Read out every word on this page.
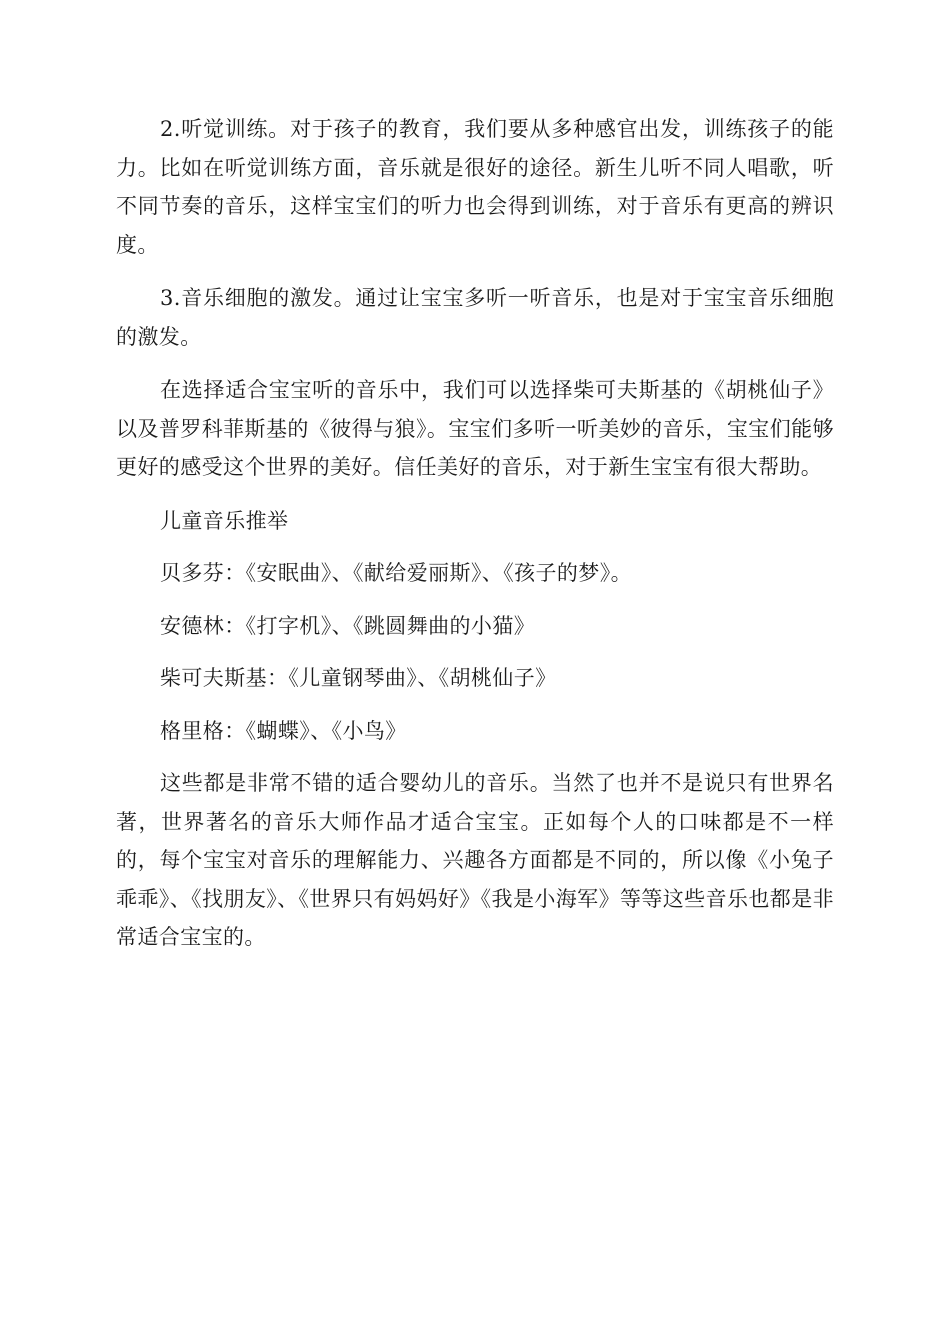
2.听觉训练。对于孩子的教育，我们要从多种感官出发，训练孩子的能力。比如在听觉训练方面，音乐就是很好的途径。新生儿听不同人唱歌，听不同节奏的音乐，这样宝宝们的听力也会得到训练，对于音乐有更高的辨识度。

3.音乐细胞的激发。通过让宝宝多听一听音乐，也是对于宝宝音乐细胞的激发。

在选择适合宝宝听的音乐中，我们可以选择柴可夫斯基的《胡桃仙子》以及普罗科菲斯基的《彼得与狼》。宝宝们多听一听美妙的音乐，宝宝们能够更好的感受这个世界的美好。信任美好的音乐，对于新生宝宝有很大帮助。

儿童音乐推举

贝多芬：《安眠曲》、《献给爱丽斯》、《孩子的梦》。

安德林：《打字机》、《跳圆舞曲的小猫》

柴可夫斯基：《儿童钢琴曲》、《胡桃仙子》

格里格：《蝴蝶》、《小鸟》

这些都是非常不错的适合婴幼儿的音乐。当然了也并不是说只有世界名著，世界著名的音乐大师作品才适合宝宝。正如每个人的口味都是不一样的，每个宝宝对音乐的理解能力、兴趣各方面都是不同的，所以像《小兔子乖乖》、《找朋友》、《世界只有妈妈好》《我是小海军》等等这些音乐也都是非常适合宝宝的。
